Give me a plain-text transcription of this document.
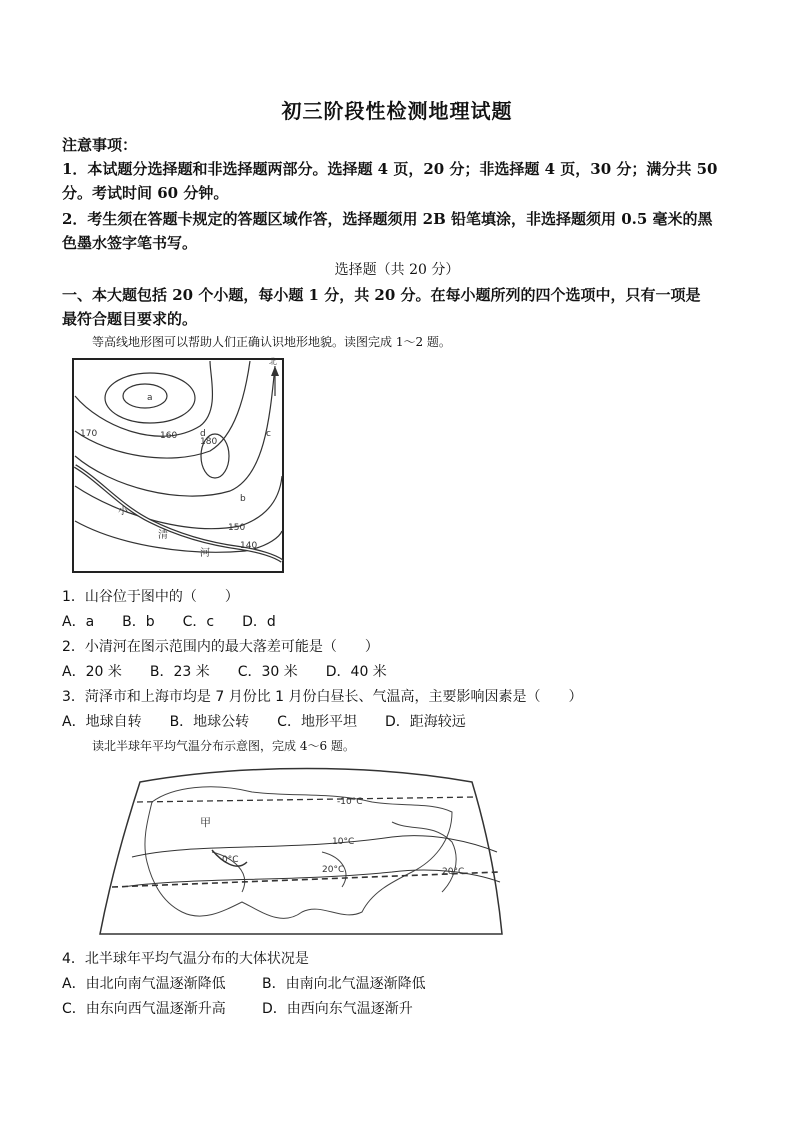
初三阶段性检测地理试题
注意事项：
1．本试题分选择题和非选择题两部分。选择题 4 页，20 分；非选择题 4 页，30 分；满分共 50
分。考试时间 60 分钟。
2．考生须在答题卡规定的答题区域作答，选择题须用 2B 铅笔填涂，非选择题须用 0.5 毫米的黑
色墨水签字笔书写。
选择题（共 20 分）
一、本大题包括 20 个小题，每小题 1 分，共 20 分。在每小题所列的四个选项中，只有一项是
最符合题目要求的。
等高线地形图可以帮助人们正确认识地形地貌。读图完成 1～2 题。
a
b
c
d
170	160
150
140
180
小
清
河
北
1．山谷位于图中的（　　）
A．a　　B．b　　C．c　　D．d
2．小清河在图示范围内的最大落差可能是（　　）
A．20 米　　B．23 米　　C．30 米　　D．40 米
3．菏泽市和上海市均是 7 月份比 1 月份白昼长、气温高，主要影响因素是（　　）
A．地球自转　　B．地球公转　　C．地形平坦　　D．距海较远
读北半球年平均气温分布示意图，完成 4～6 题。
0°C
10°C
20°C
-10°C
20°C
甲
4．北半球年平均气温分布的大体状况是
A．由北向南气温逐渐降低	B．由南向北气温逐渐降低
C．由东向西气温逐渐升高	D．由西向东气温逐渐升
